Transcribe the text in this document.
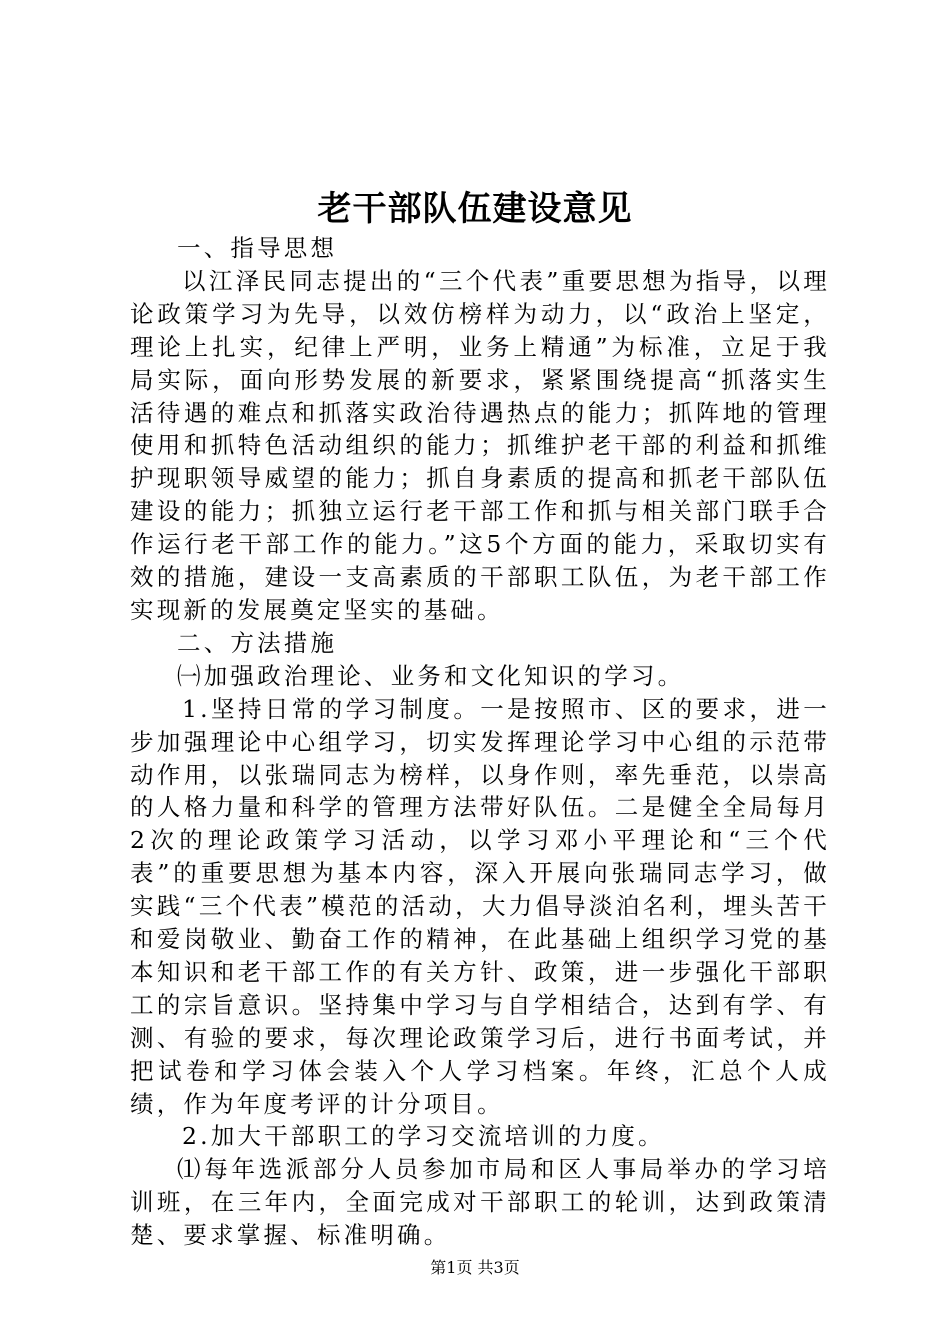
老干部队伍建设意见

一、指导思想

以江泽民同志提出的“三个代表”重要思想为指导，以理论政策学习为先导，以效仿榜样为动力，以“政治上坚定，理论上扎实，纪律上严明，业务上精通”为标准，立足于我局实际，面向形势发展的新要求，紧紧围绕提高“抓落实生活待遇的难点和抓落实政治待遇热点的能力；抓阵地的管理使用和抓特色活动组织的能力；抓维护老干部的利益和抓维护现职领导威望的能力；抓自身素质的提高和抓老干部队伍建设的能力；抓独立运行老干部工作和抓与相关部门联手合作运行老干部工作的能力。”这5个方面的能力，采取切实有效的措施，建设一支高素质的干部职工队伍，为老干部工作实现新的发展奠定坚实的基础。

二、方法措施

㈠加强政治理论、业务和文化知识的学习。

1.坚持日常的学习制度。一是按照市、区的要求，进一步加强理论中心组学习，切实发挥理论学习中心组的示范带动作用，以张瑞同志为榜样，以身作则，率先垂范，以崇高的人格力量和科学的管理方法带好队伍。二是健全全局每月2次的理论政策学习活动，以学习邓小平理论和“三个代表”的重要思想为基本内容，深入开展向张瑞同志学习，做实践“三个代表”模范的活动，大力倡导淡泊名利，埋头苦干和爱岗敬业、勤奋工作的精神，在此基础上组织学习党的基本知识和老干部工作的有关方针、政策，进一步强化干部职工的宗旨意识。坚持集中学习与自学相结合，达到有学、有测、有验的要求，每次理论政策学习后，进行书面考试，并把试卷和学习体会装入个人学习档案。年终，汇总个人成绩，作为年度考评的计分项目。

2.加大干部职工的学习交流培训的力度。

⑴每年选派部分人员参加市局和区人事局举办的学习培训班，在三年内，全面完成对干部职工的轮训，达到政策清楚、要求掌握、标准明确。

第1页 共3页
